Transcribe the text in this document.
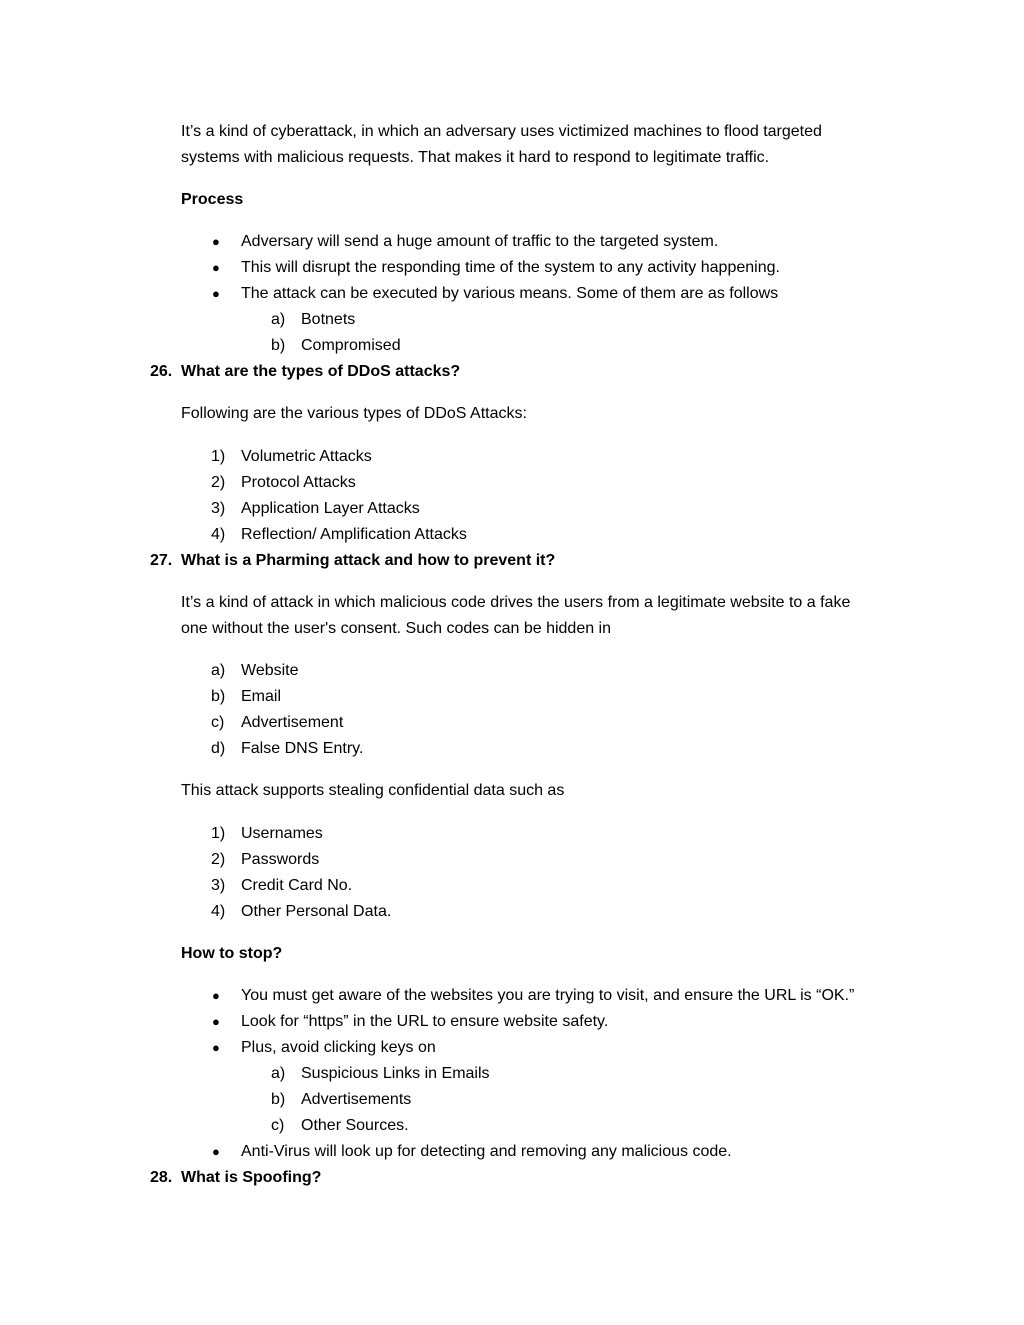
It’s a kind of cyberattack, in which an adversary uses victimized machines to flood targeted
systems with malicious requests. That makes it hard to respond to legitimate traffic.
Process
● Adversary will send a huge amount of traffic to the targeted system.
● This will disrupt the responding time of the system to any activity happening.
● The attack can be executed by various means. Some of them are as follows
a) Botnets
b) Compromised
26. What are the types of DDoS attacks?
Following are the various types of DDoS Attacks:
1) Volumetric Attacks
2) Protocol Attacks
3) Application Layer Attacks
4) Reflection/ Amplification Attacks
27. What is a Pharming attack and how to prevent it?
It’s a kind of attack in which malicious code drives the users from a legitimate website to a fake
one without the user's consent. Such codes can be hidden in
a) Website
b) Email
c) Advertisement
d) False DNS Entry.
This attack supports stealing confidential data such as
1) Usernames
2) Passwords
3) Credit Card No.
4) Other Personal Data.
How to stop?
● You must get aware of the websites you are trying to visit, and ensure the URL is “OK.”
● Look for “https” in the URL to ensure website safety.
● Plus, avoid clicking keys on
a) Suspicious Links in Emails
b) Advertisements
c) Other Sources.
● Anti-Virus will look up for detecting and removing any malicious code.
28. What is Spoofing?
